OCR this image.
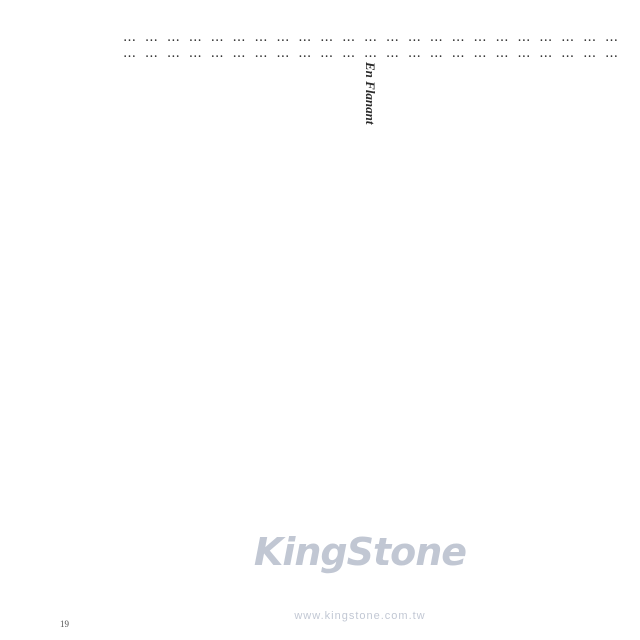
……
……
……
……
……
……
……
……
……
……
……
……En Flanant
……
……
……
……
……
……
……
……
……
……
……
19
KingStone
www.kingstone.com.tw
